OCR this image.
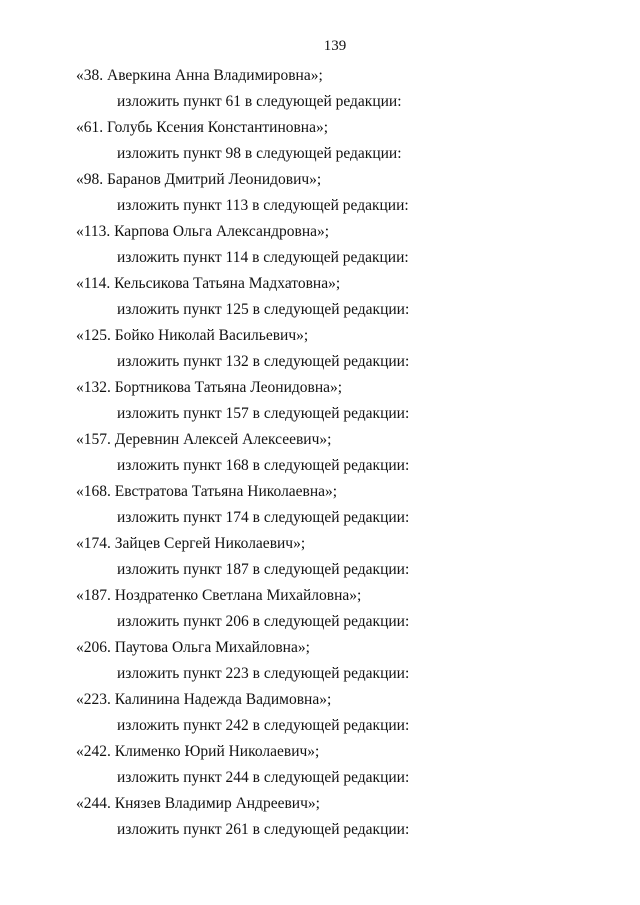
139
«38. Аверкина Анна Владимировна»;
изложить пункт 61 в следующей редакции:
«61. Голубь Ксения Константиновна»;
изложить пункт 98 в следующей редакции:
«98. Баранов Дмитрий Леонидович»;
изложить пункт 113 в следующей редакции:
«113. Карпова Ольга Александровна»;
изложить пункт 114 в следующей редакции:
«114. Кельсикова Татьяна Мадхатовна»;
изложить пункт 125 в следующей редакции:
«125. Бойко Николай Васильевич»;
изложить пункт 132 в следующей редакции:
«132. Бортникова Татьяна Леонидовна»;
изложить пункт 157 в следующей редакции:
«157. Деревнин Алексей Алексеевич»;
изложить пункт 168 в следующей редакции:
«168. Евстратова Татьяна Николаевна»;
изложить пункт 174 в следующей редакции:
«174. Зайцев Сергей Николаевич»;
изложить пункт 187 в следующей редакции:
«187. Ноздратенко Светлана Михайловна»;
изложить пункт 206 в следующей редакции:
«206. Паутова Ольга Михайловна»;
изложить пункт 223 в следующей редакции:
«223. Калинина Надежда Вадимовна»;
изложить пункт 242 в следующей редакции:
«242. Клименко Юрий Николаевич»;
изложить пункт 244 в следующей редакции:
«244. Князев Владимир Андреевич»;
изложить пункт 261 в следующей редакции:
